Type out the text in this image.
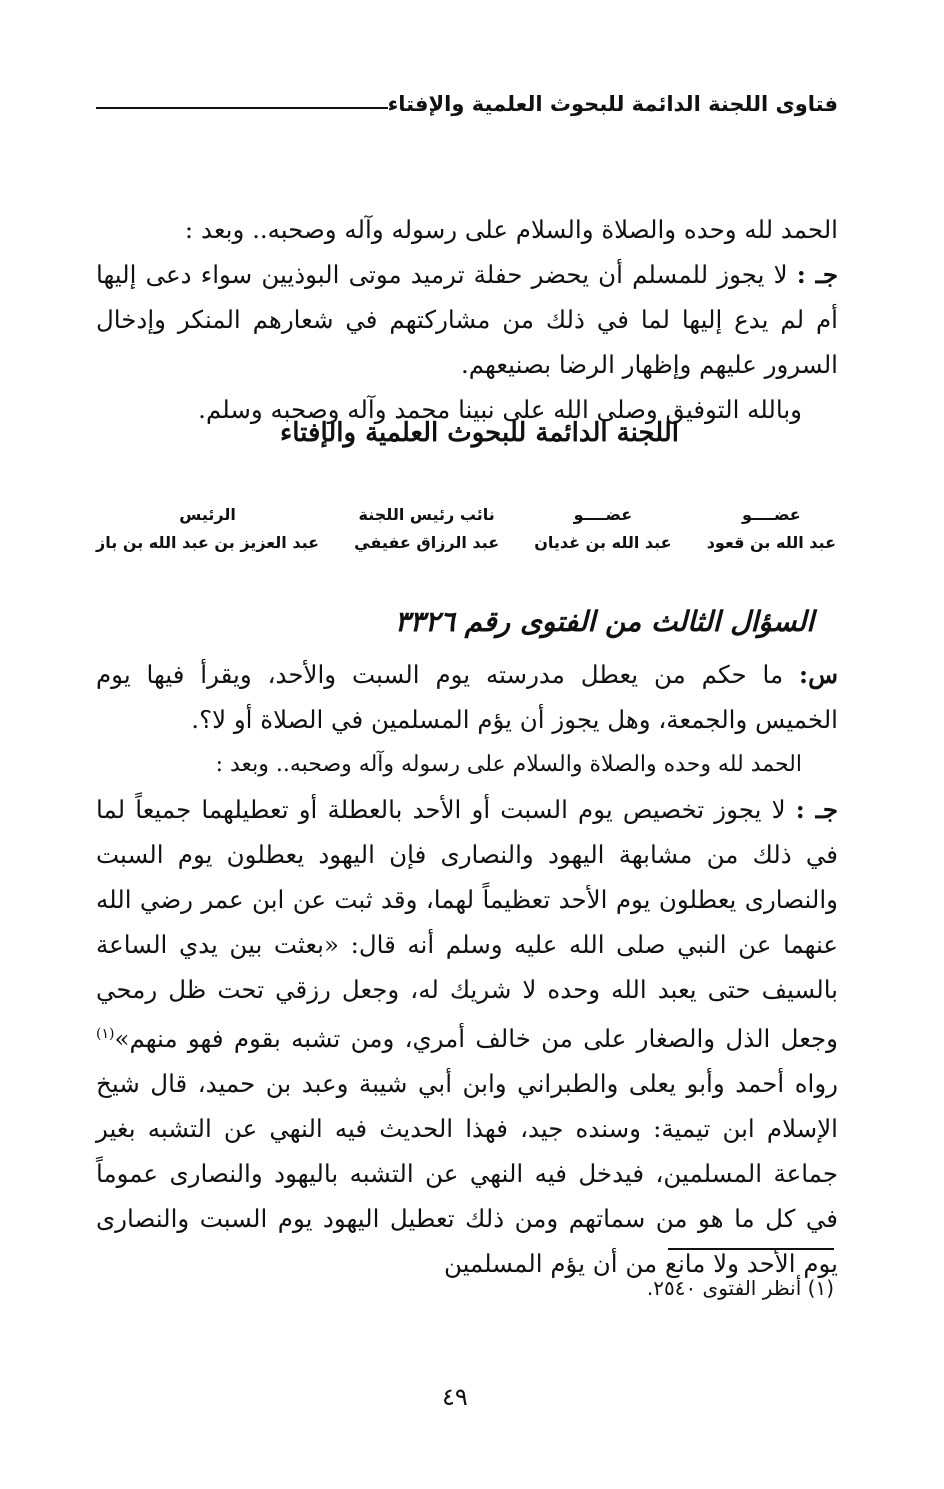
فتاوى اللجنة الدائمة للبحوث العلمية والإفتاء

الحمد لله وحده والصلاة والسلام على رسوله وآله وصحبه.. وبعد :

جـ : لا يجوز للمسلم أن يحضر حفلة ترميد موتى البوذيين سواء دعى إليها أم لم يدع إليها لما في ذلك من مشاركتهم في شعارهم المنكر وإدخال السرور عليهم وإظهار الرضا بصنيعهم.

وبالله التوفيق وصلى الله على نبينا محمد وآله وصحبه وسلم.

اللجنة الدائمة للبحوث العلمية والإفتاء
عضــــو
عبد الله بن قعود
عضــــو
عبد الله بن غديان
نائب رئيس اللجنة
عبد الرزاق عفيفي
الرئيس
عبد العزيز بن عبد الله بن باز
السؤال الثالث من الفتوى رقم ٣٣٢٦

س: ما حكم من يعطل مدرسته يوم السبت والأحد، ويقرأ فيها يوم الخميس والجمعة، وهل يجوز أن يؤم المسلمين في الصلاة أو لا؟.

الحمد لله وحده والصلاة والسلام على رسوله وآله وصحبه.. وبعد :

جـ : لا يجوز تخصيص يوم السبت أو الأحد بالعطلة أو تعطيلهما جميعاً لما في ذلك من مشابهة اليهود والنصارى فإن اليهود يعطلون يوم السبت والنصارى يعطلون يوم الأحد تعظيماً لهما، وقد ثبت عن ابن عمر رضي الله عنهما عن النبي صلى الله عليه وسلم أنه قال: «بعثت بين يدي الساعة بالسيف حتى يعبد الله وحده لا شريك له، وجعل رزقي تحت ظل رمحي وجعل الذل والصغار على من خالف أمري، ومن تشبه بقوم فهو منهم»$^{(١)}$ رواه أحمد وأبو يعلى والطبراني وابن أبي شيبة وعبد بن حميد، قال شيخ الإسلام ابن تيمية: وسنده جيد، فهذا الحديث فيه النهي عن التشبه بغير جماعة المسلمين، فيدخل فيه النهي عن التشبه باليهود والنصارى عموماً في كل ما هو من سماتهم ومن ذلك تعطيل اليهود يوم السبت والنصارى يوم الأحد ولا مانع من أن يؤم المسلمين

(١) أنظر الفتوى ٢٥٤٠.
٤٩
